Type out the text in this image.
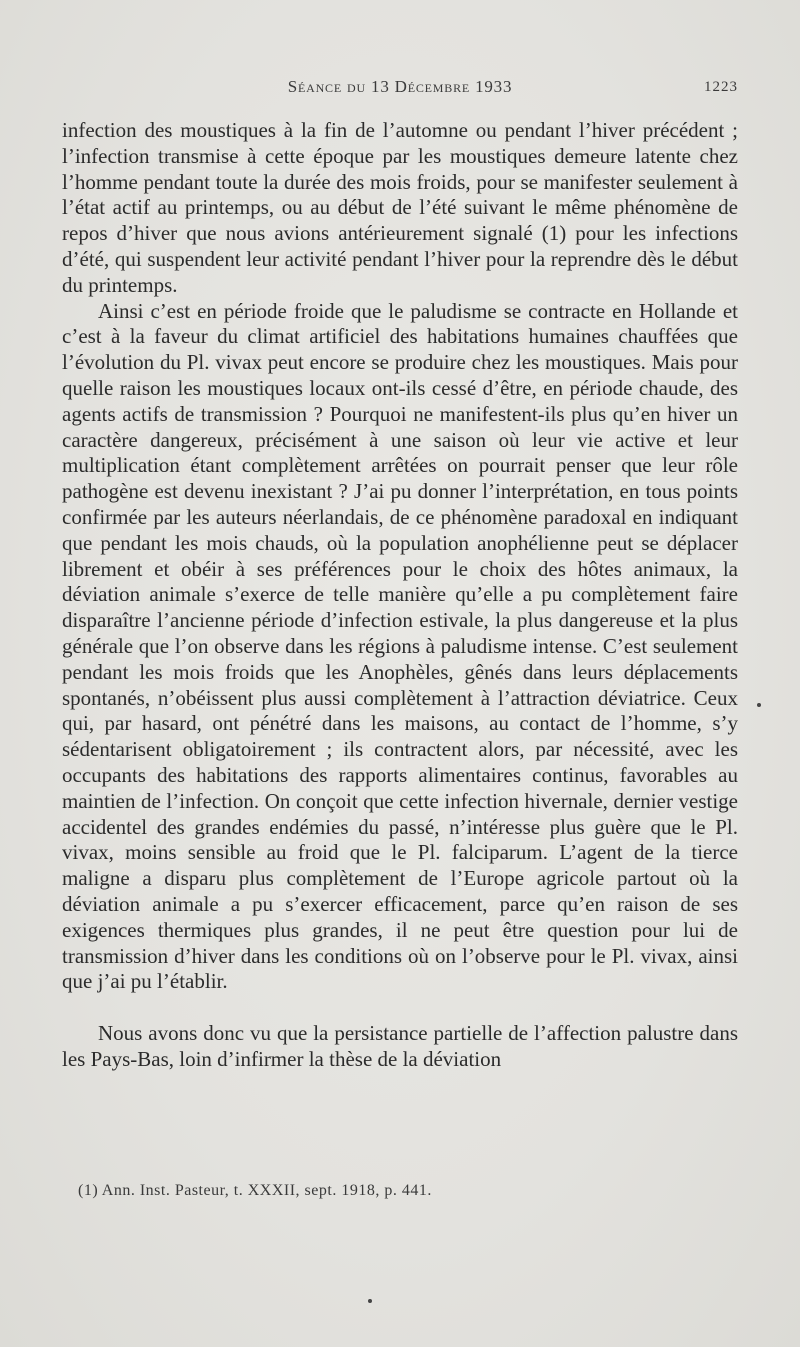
Séance du 13 Décembre 1933	1223

infection des moustiques à la fin de l’automne ou pendant l’hiver précédent ; l’infection transmise à cette époque par les moustiques demeure latente chez l’homme pendant toute la durée des mois froids, pour se manifester seulement à l’état actif au printemps, ou au début de l’été suivant le même phénomène de repos d’hiver que nous avions antérieurement signalé (1) pour les infections d’été, qui suspendent leur activité pendant l’hiver pour la reprendre dès le début du printemps.

Ainsi c’est en période froide que le paludisme se contracte en Hollande et c’est à la faveur du climat artificiel des habitations humaines chauffées que l’évolution du Pl. vivax peut encore se produire chez les moustiques. Mais pour quelle raison les moustiques locaux ont-ils cessé d’être, en période chaude, des agents actifs de transmission ? Pourquoi ne manifestent-ils plus qu’en hiver un caractère dangereux, précisément à une saison où leur vie active et leur multiplication étant complètement arrêtées on pourrait penser que leur rôle pathogène est devenu inexistant ? J’ai pu donner l’interprétation, en tous points confirmée par les auteurs néerlandais, de ce phénomène paradoxal en indiquant que pendant les mois chauds, où la population anophélienne peut se déplacer librement et obéir à ses préférences pour le choix des hôtes animaux, la déviation animale s’exerce de telle manière qu’elle a pu complètement faire disparaître l’ancienne période d’infection estivale, la plus dangereuse et la plus générale que l’on observe dans les régions à paludisme intense. C’est seulement pendant les mois froids que les Anophèles, gênés dans leurs déplacements spontanés, n’obéissent plus aussi complètement à l’attraction déviatrice. Ceux qui, par hasard, ont pénétré dans les maisons, au contact de l’homme, s’y sédentarisent obligatoirement ; ils contractent alors, par nécessité, avec les occupants des habitations des rapports alimentaires continus, favorables au maintien de l’infection. On conçoit que cette infection hivernale, dernier vestige accidentel des grandes endémies du passé, n’intéresse plus guère que le Pl. vivax, moins sensible au froid que le Pl. falciparum. L’agent de la tierce maligne a disparu plus complètement de l’Europe agricole partout où la déviation animale a pu s’exercer efficacement, parce qu’en raison de ses exigences thermiques plus grandes, il ne peut être question pour lui de transmission d’hiver dans les conditions où on l’observe pour le Pl. vivax, ainsi que j’ai pu l’établir.

Nous avons donc vu que la persistance partielle de l’affection palustre dans les Pays-Bas, loin d’infirmer la thèse de la déviation

(1) Ann. Inst. Pasteur, t. XXXII, sept. 1918, p. 441.
